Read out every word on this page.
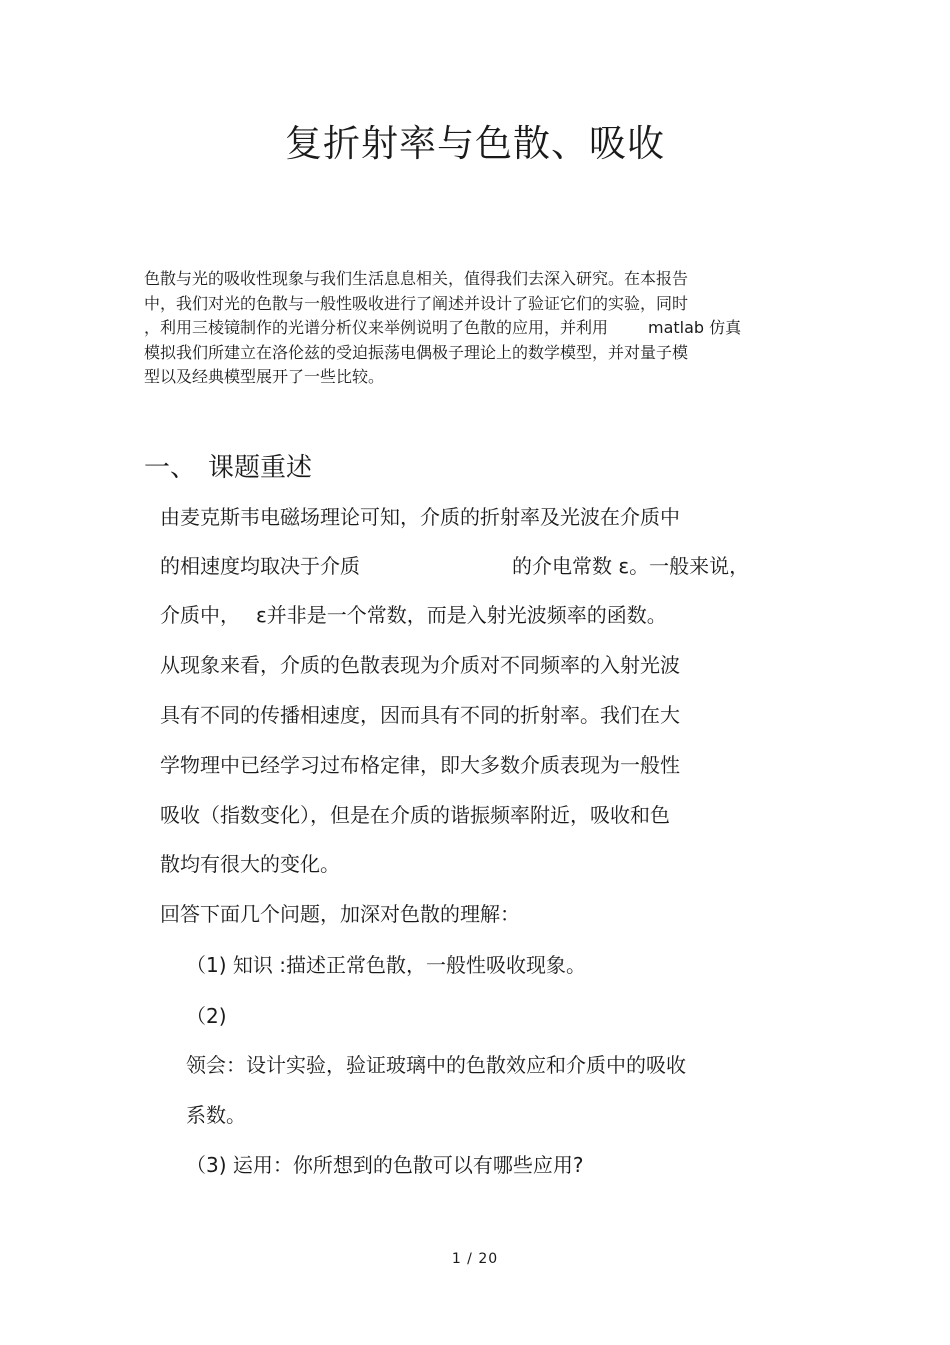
复折射率与色散、吸收
色散与光的吸收性现象与我们生活息息相关，值得我们去深入研究。在本报告
中，我们对光的色散与一般性吸收进行了阐述并设计了验证它们的实验，同时
，利用三棱镜制作的光谱分析仪来举例说明了色散的应用，并利用	matlab 仿真
模拟我们所建立在洛伦兹的受迫振荡电偶极子理论上的数学模型，并对量子模
型以及经典模型展开了一些比较。
一、 课题重述
由麦克斯韦电磁场理论可知，介质的折射率及光波在介质中
的相速度均取决于介质	的介电常数 ε。一般来说，
介质中， ε并非是一个常数，而是入射光波频率的函数。
从现象来看，介质的色散表现为介质对不同频率的入射光波
具有不同的传播相速度，因而具有不同的折射率。我们在大
学物理中已经学习过布格定律，即大多数介质表现为一般性
吸收（指数变化），但是在介质的谐振频率附近，吸收和色
散均有很大的变化。
回答下面几个问题，加深对色散的理解：
（1) 知识 :描述正常色散，一般性吸收现象。
（2)
领会：设计实验，验证玻璃中的色散效应和介质中的吸收
系数。
（3) 运用：你所想到的色散可以有哪些应用?
1 / 20
